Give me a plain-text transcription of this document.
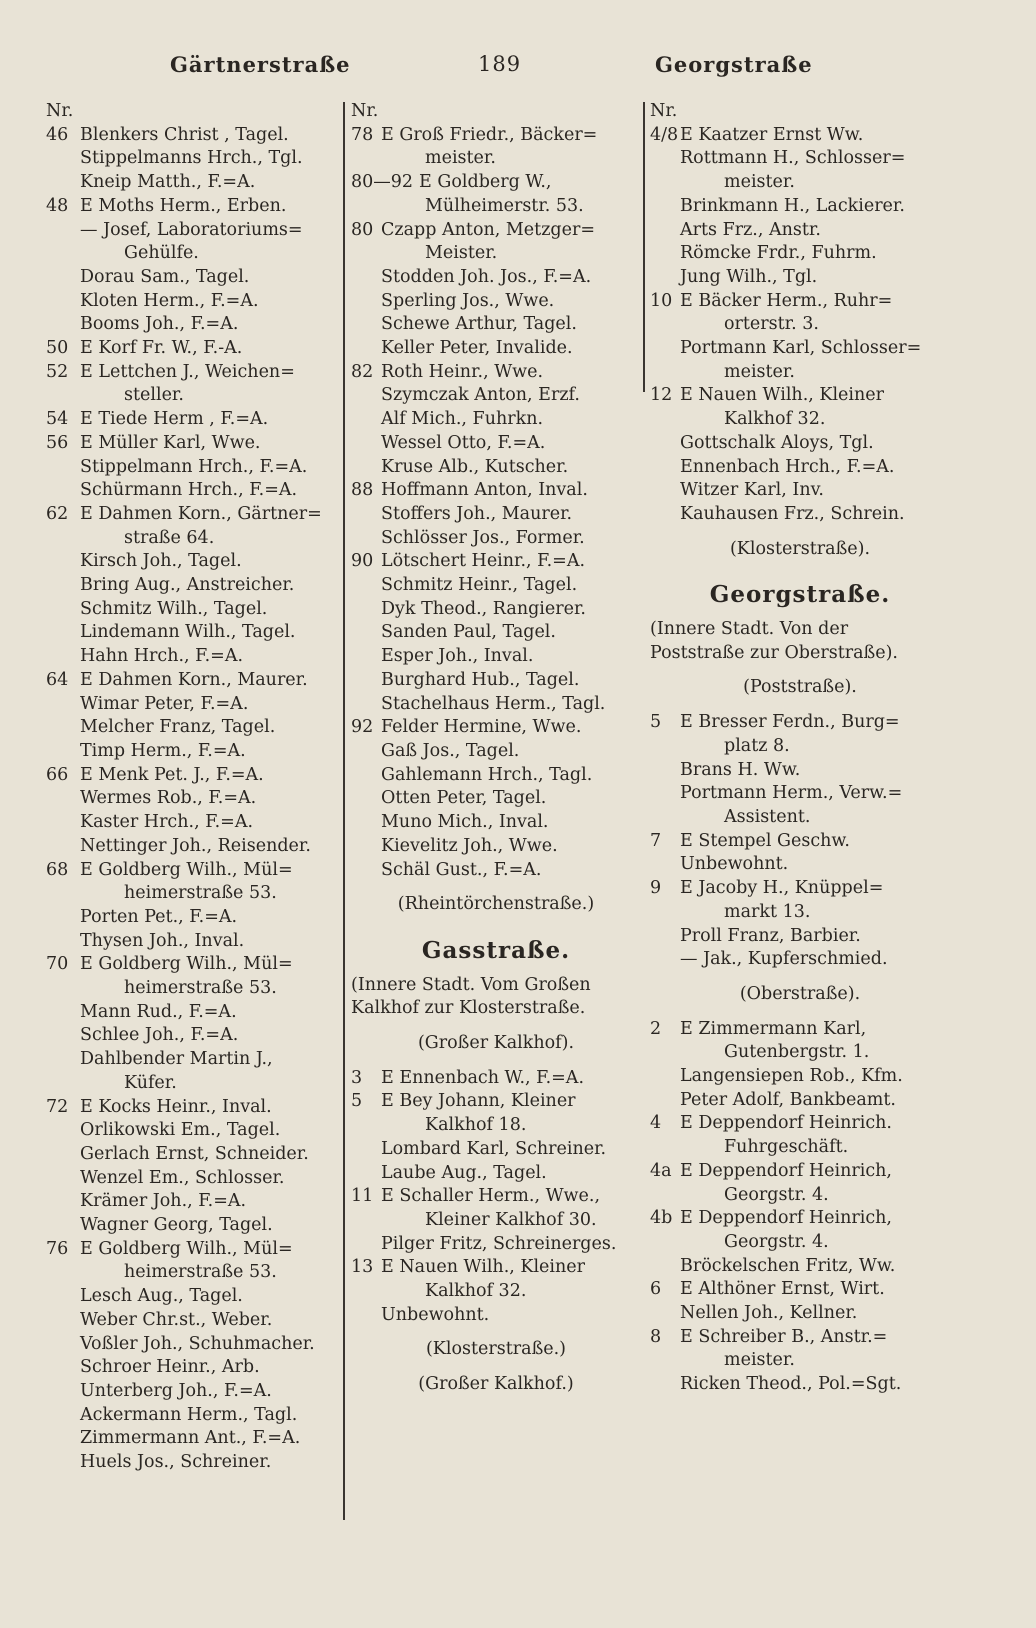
Gärtnerstraße	189	Georgstraße
Nr.
46 Blenkers Christ , Tagel.
Stippelmanns Hrch., Tgl.
Kneip Matth., F.=A.
48 E Moths Herm., Erben.
— Josef, Laboratoriums=
Gehülfe.
Dorau Sam., Tagel.
Kloten Herm., F.=A.
Booms Joh., F.=A.
50 E Korf Fr. W., F.-A.
52 E Lettchen J., Weichen=
steller.
54 E Tiede Herm , F.=A.
56 E Müller Karl, Wwe.
Stippelmann Hrch., F.=A.
Schürmann Hrch., F.=A.
62 E Dahmen Korn., Gärtner=
straße 64.
Kirsch Joh., Tagel.
Bring Aug., Anstreicher.
Schmitz Wilh., Tagel.
Lindemann Wilh., Tagel.
Hahn Hrch., F.=A.
64 E Dahmen Korn., Maurer.
Wimar Peter, F.=A.
Melcher Franz, Tagel.
Timp Herm., F.=A.
66 E Menk Pet. J., F.=A.
Wermes Rob., F.=A.
Kaster Hrch., F.=A.
Nettinger Joh., Reisender.
68 E Goldberg Wilh., Mül=
heimerstraße 53.
Porten Pet., F.=A.
Thysen Joh., Inval.
70 E Goldberg Wilh., Mül=
heimerstraße 53.
Mann Rud., F.=A.
Schlee Joh., F.=A.
Dahlbender Martin J.,
Küfer.
72 E Kocks Heinr., Inval.
Orlikowski Em., Tagel.
Gerlach Ernst, Schneider.
Wenzel Em., Schlosser.
Krämer Joh., F.=A.
Wagner Georg, Tagel.
76 E Goldberg Wilh., Mül=
heimerstraße 53.
Lesch Aug., Tagel.
Weber Chr.st., Weber.
Voßler Joh., Schuhmacher.
Schroer Heinr., Arb.
Unterberg Joh., F.=A.
Ackermann Herm., Tagl.
Zimmermann Ant., F.=A.
Huels Jos., Schreiner.
Nr.
78 E Groß Friedr., Bäcker=
meister.
80—92 E Goldberg W.,
Mülheimerstr. 53.
80 Czapp Anton, Metzger=
Meister.
Stodden Joh. Jos., F.=A.
Sperling Jos., Wwe.
Schewe Arthur, Tagel.
Keller Peter, Invalide.
82 Roth Heinr., Wwe.
Szymczak Anton, Erzf.
Alf Mich., Fuhrkn.
Wessel Otto, F.=A.
Kruse Alb., Kutscher.
88 Hoffmann Anton, Inval.
Stoffers Joh., Maurer.
Schlösser Jos., Former.
90 Lötschert Heinr., F.=A.
Schmitz Heinr., Tagel.
Dyk Theod., Rangierer.
Sanden Paul, Tagel.
Esper Joh., Inval.
Burghard Hub., Tagel.
Stachelhaus Herm., Tagl.
92 Felder Hermine, Wwe.
Gaß Jos., Tagel.
Gahlemann Hrch., Tagl.
Otten Peter, Tagel.
Muno Mich., Inval.
Kievelitz Joh., Wwe.
Schäl Gust., F.=A.
(Rheintörchenstraße.)
Gasstraße.
(Innere Stadt. Vom Großen
Kalkhof zur Klosterstraße.
(Großer Kalkhof).
3	E Ennenbach W., F.=A.
5	E Bey Johann, Kleiner
Kalkhof 18.
Lombard Karl, Schreiner.
Laube Aug., Tagel.
11 E Schaller Herm., Wwe.,
Kleiner Kalkhof 30.
Pilger Fritz, Schreinerges.
13 E Nauen Wilh., Kleiner
Kalkhof 32.
Unbewohnt.
(Klosterstraße.)
(Großer Kalkhof.)
Nr.
4/8 E Kaatzer Ernst Ww.
Rottmann H., Schlosser=
meister.
Brinkmann H., Lackierer.
Arts Frz., Anstr.
Römcke Frdr., Fuhrm.
Jung Wilh., Tgl.
10 E Bäcker Herm., Ruhr=
orterstr. 3.
Portmann Karl, Schlosser=
meister.
12 E Nauen Wilh., Kleiner
Kalkhof 32.
Gottschalk Aloys, Tgl.
Ennenbach Hrch., F.=A.
Witzer Karl, Inv.
Kauhausen Frz., Schrein.
(Klosterstraße).
Georgstraße.
(Innere Stadt. Von der
Poststraße zur Oberstraße).
(Poststraße).
5	E Bresser Ferdn., Burg=
platz 8.
Brans H. Ww.
Portmann Herm., Verw.=
Assistent.
7	E Stempel Geschw.
Unbewohnt.
9	E Jacoby H., Knüppel=
markt 13.
Proll Franz, Barbier.
— Jak., Kupferschmied.
(Oberstraße).
2	E Zimmermann Karl,
Gutenbergstr. 1.
Langensiepen Rob., Kfm.
Peter Adolf, Bankbeamt.
4	E Deppendorf Heinrich.
Fuhrgeschäft.
4a E Deppendorf Heinrich,
Georgstr. 4.
4b E Deppendorf Heinrich,
Georgstr. 4.
Bröckelschen Fritz, Ww.
6	E Althöner Ernst, Wirt.
Nellen Joh., Kellner.
8	E Schreiber B., Anstr.=
meister.
Ricken Theod., Pol.=Sgt.
